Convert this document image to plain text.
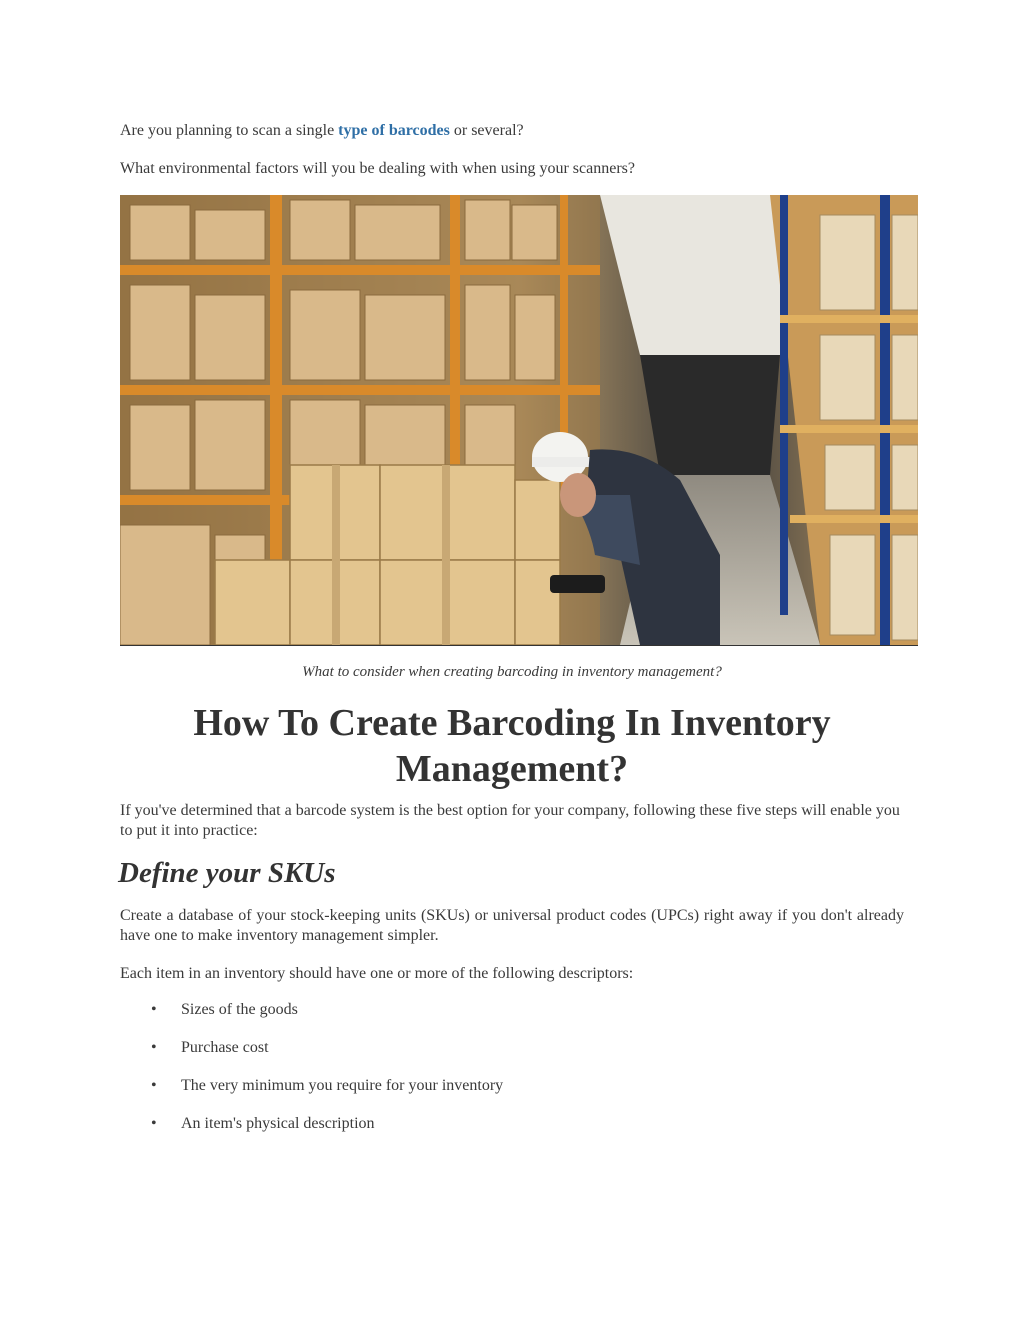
Are you planning to scan a single type of barcodes or several?

What environmental factors will you be dealing with when using your scanners?

What to consider when creating barcoding in inventory management?

How To Create Barcoding In Inventory Management?

If you've determined that a barcode system is the best option for your company, following these five steps will enable you to put it into practice:

Define your SKUs

Create a database of your stock-keeping units (SKUs) or universal product codes (UPCs) right away if you don't already have one to make inventory management simpler.

Each item in an inventory should have one or more of the following descriptors:

• Sizes of the goods
• Purchase cost
• The very minimum you require for your inventory
• An item's physical description
